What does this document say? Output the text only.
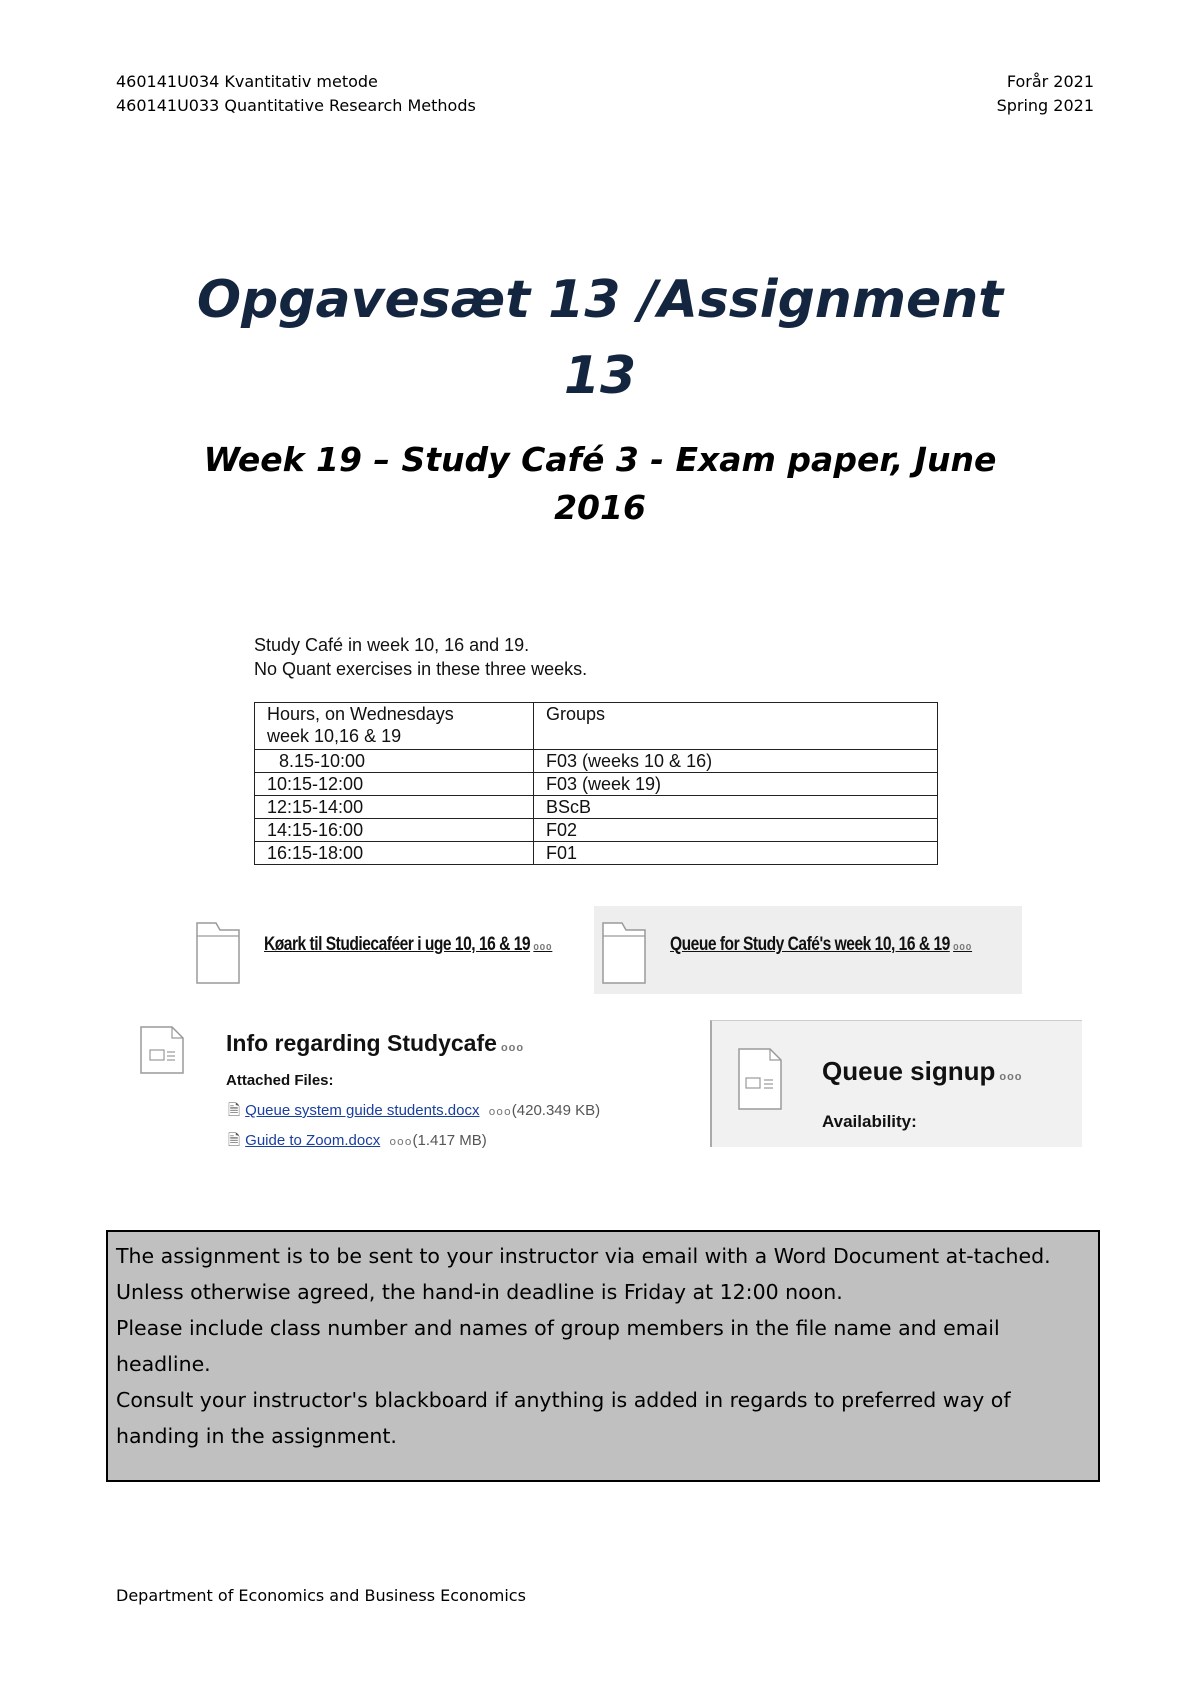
460141U034 Kvantitativ metode
460141U033 Quantitative Research Methods
Forår 2021
Spring 2021
Opgavesæt 13 /Assignment
13
Week 19 – Study Café 3 - Exam paper, June
2016
Study Café in week 10, 16 and 19.
No Quant exercises in these three weeks.
Hours, on Wednesdays
week 10,16 & 19	Groups
8.15-10:00	F03 (weeks 10 & 16)
10:15-12:00	F03 (week 19)
12:15-14:00	BScB
14:15-16:00	F02
16:15-18:00	F01
Køark til Studiecaféer i uge 10, 16 & 19 ooo	Queue for Study Café's week 10, 16 & 19 ooo
Info regarding Studycafe ooo
Attached Files:
🗎 Queue system guide students.docx ooo(420.349 KB)
🗎 Guide to Zoom.docx ooo(1.417 MB)
Queue signup ooo
Availability:

The assignment is to be sent to your instructor via email with a Word Document at-tached.

Unless otherwise agreed, the hand-in deadline is Friday at 12:00 noon.

Please include class number and names of group members in the file name and email headline.

Consult your instructor's blackboard if anything is added in regards to preferred way of handing in the assignment.

Department of Economics and Business Economics
